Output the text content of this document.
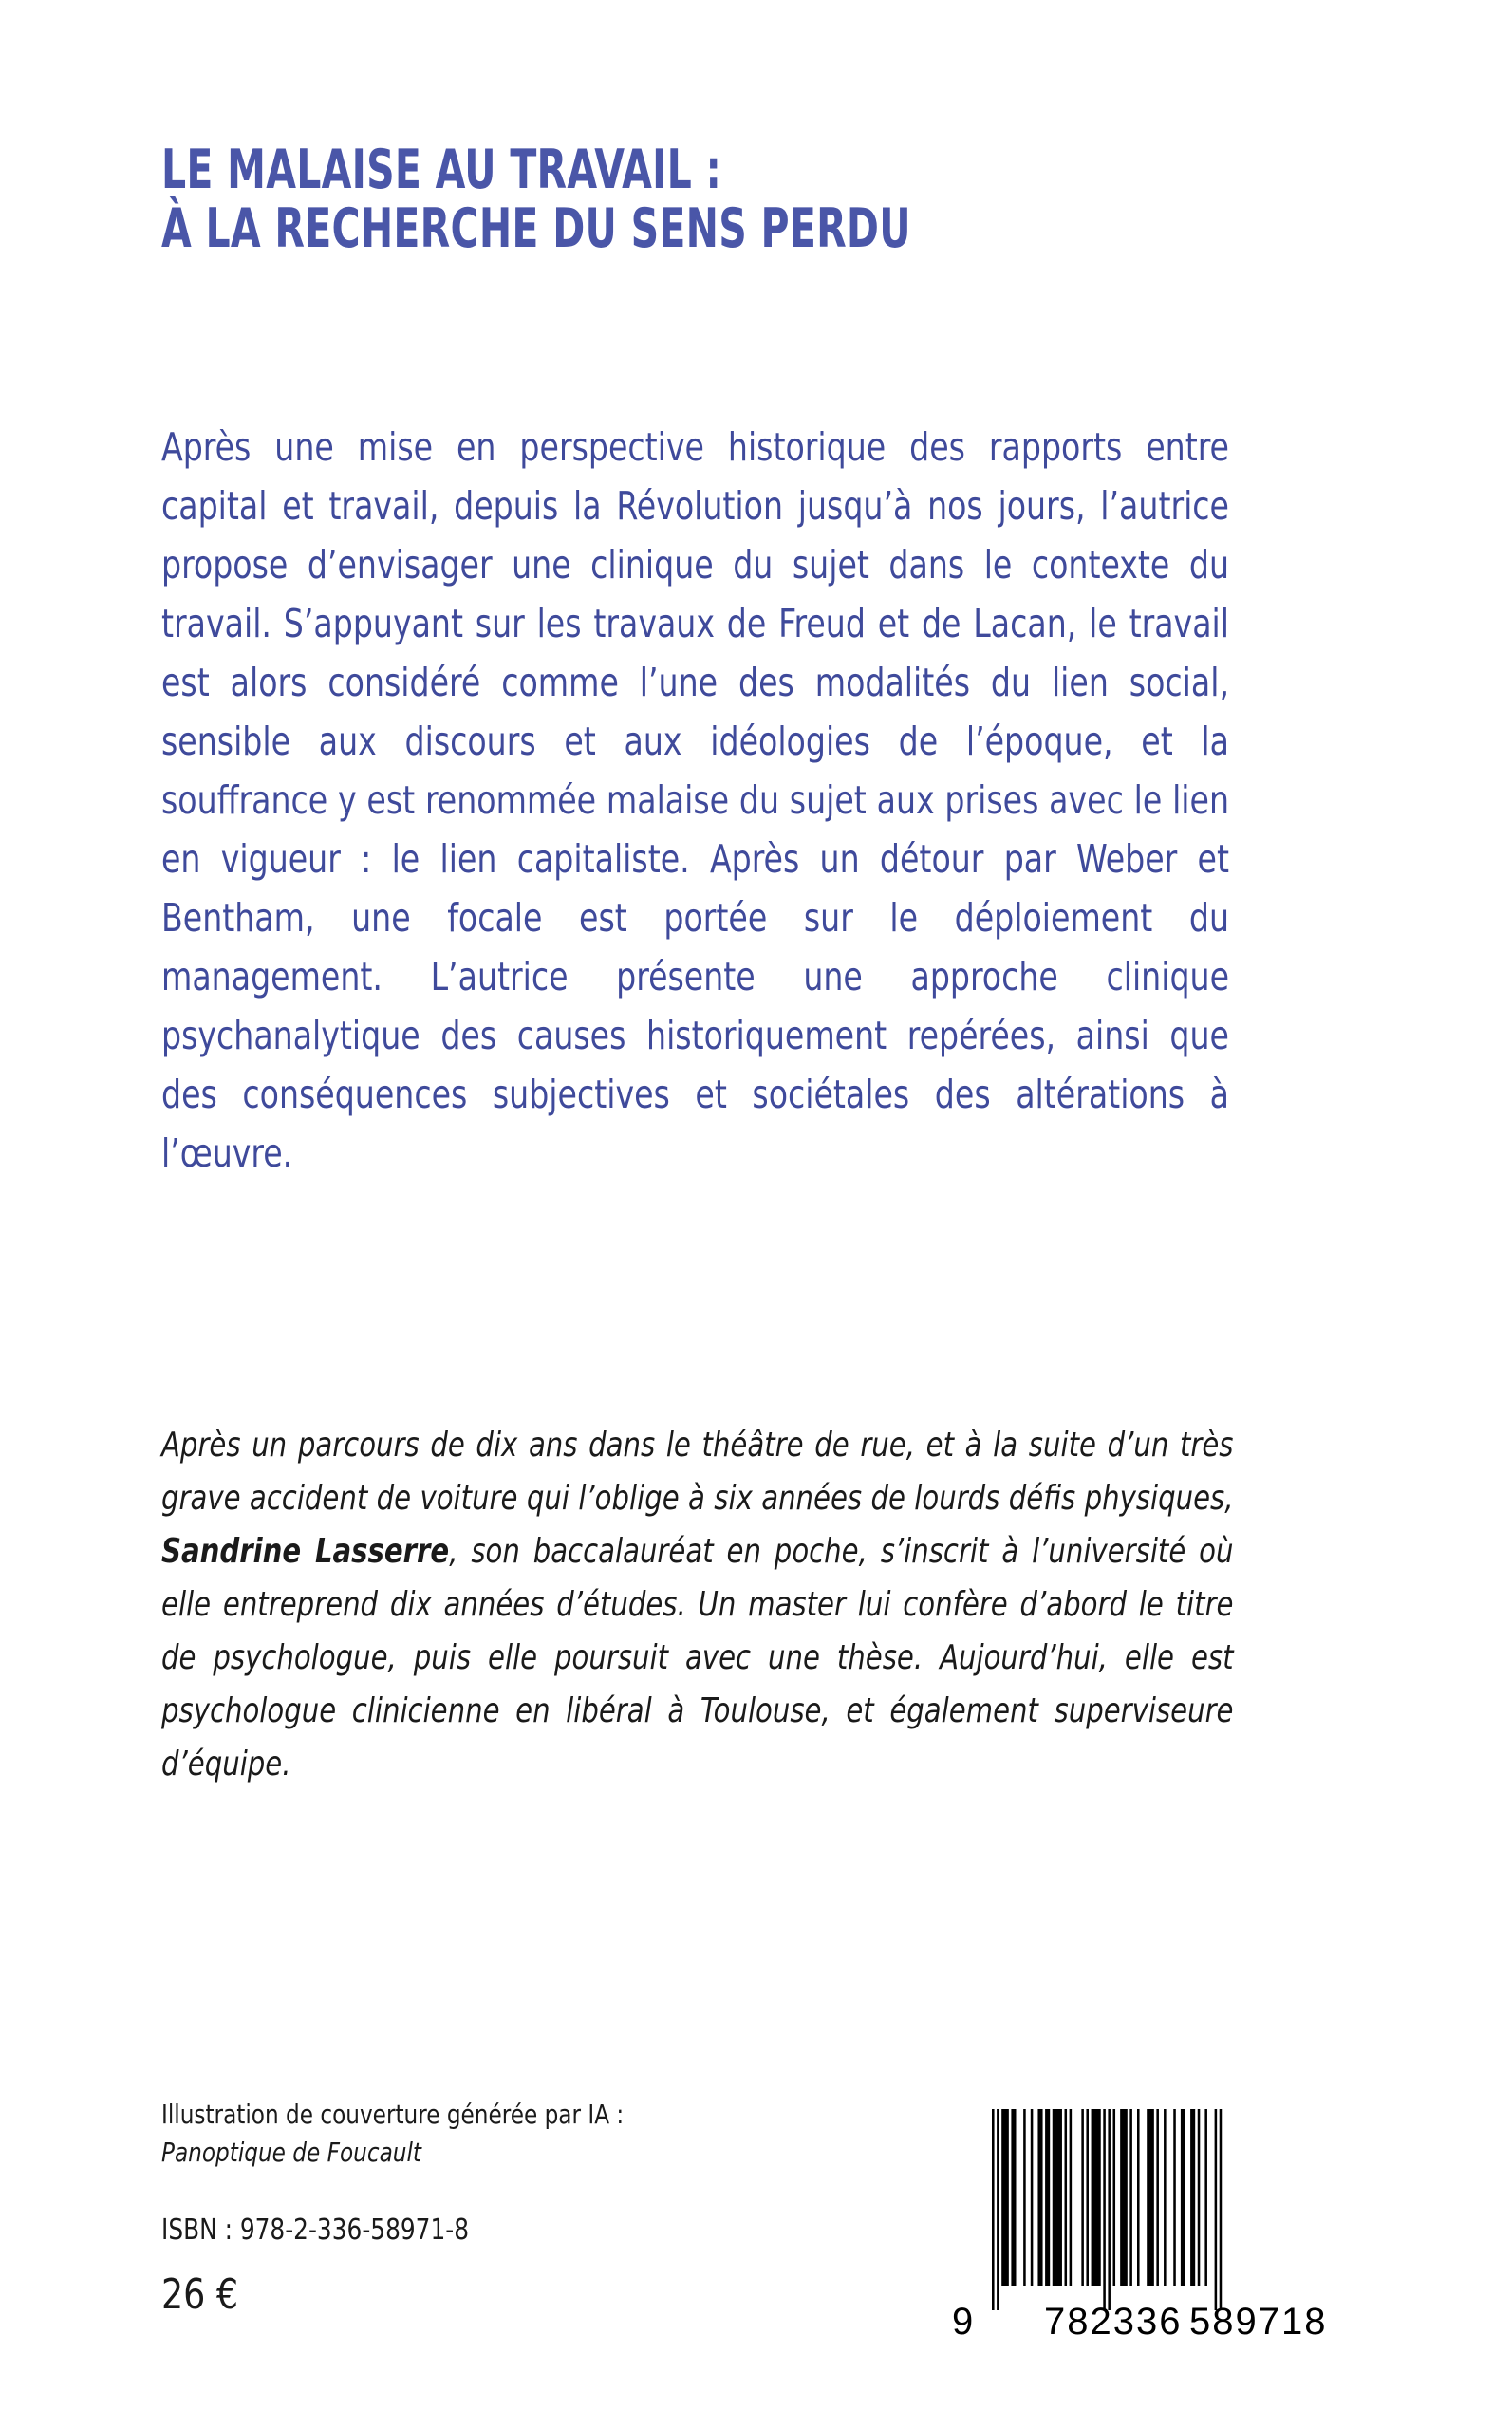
LE MALAISE AU TRAVAIL :
À LA RECHERCHE DU SENS PERDU

Après une mise en perspective historique des rapports entre capital et travail, depuis la Révolution jusqu’à nos jours, l’autrice propose d’envisager une clinique du sujet dans le contexte du travail. S’appuyant sur les travaux de Freud et de Lacan, le travail est alors considéré comme l’une des modalités du lien social, sensible aux discours et aux idéologies de l’époque, et la souffrance y est renommée malaise du sujet aux prises avec le lien en vigueur : le lien capitaliste. Après un détour par Weber et Bentham, une focale est portée sur le déploiement du management. L’autrice présente une approche clinique psychanalytique des causes historiquement repérées, ainsi que des conséquences subjectives et sociétales des altérations à l’œuvre.

Après un parcours de dix ans dans le théâtre de rue, et à la suite d’un très grave accident de voiture qui l’oblige à six années de lourds défis physiques, Sandrine Lasserre, son baccalauréat en poche, s’inscrit à l’université où elle entreprend dix années d’études. Un master lui confère d’abord le titre de psychologue, puis elle poursuit avec une thèse. Aujourd’hui, elle est psychologue clinicienne en libéral à Toulouse, et également superviseure d’équipe.

Illustration de couverture générée par IA :
Panoptique de Foucault
ISBN : 978-2-336-58971-8
26 €
9 782336 589718
